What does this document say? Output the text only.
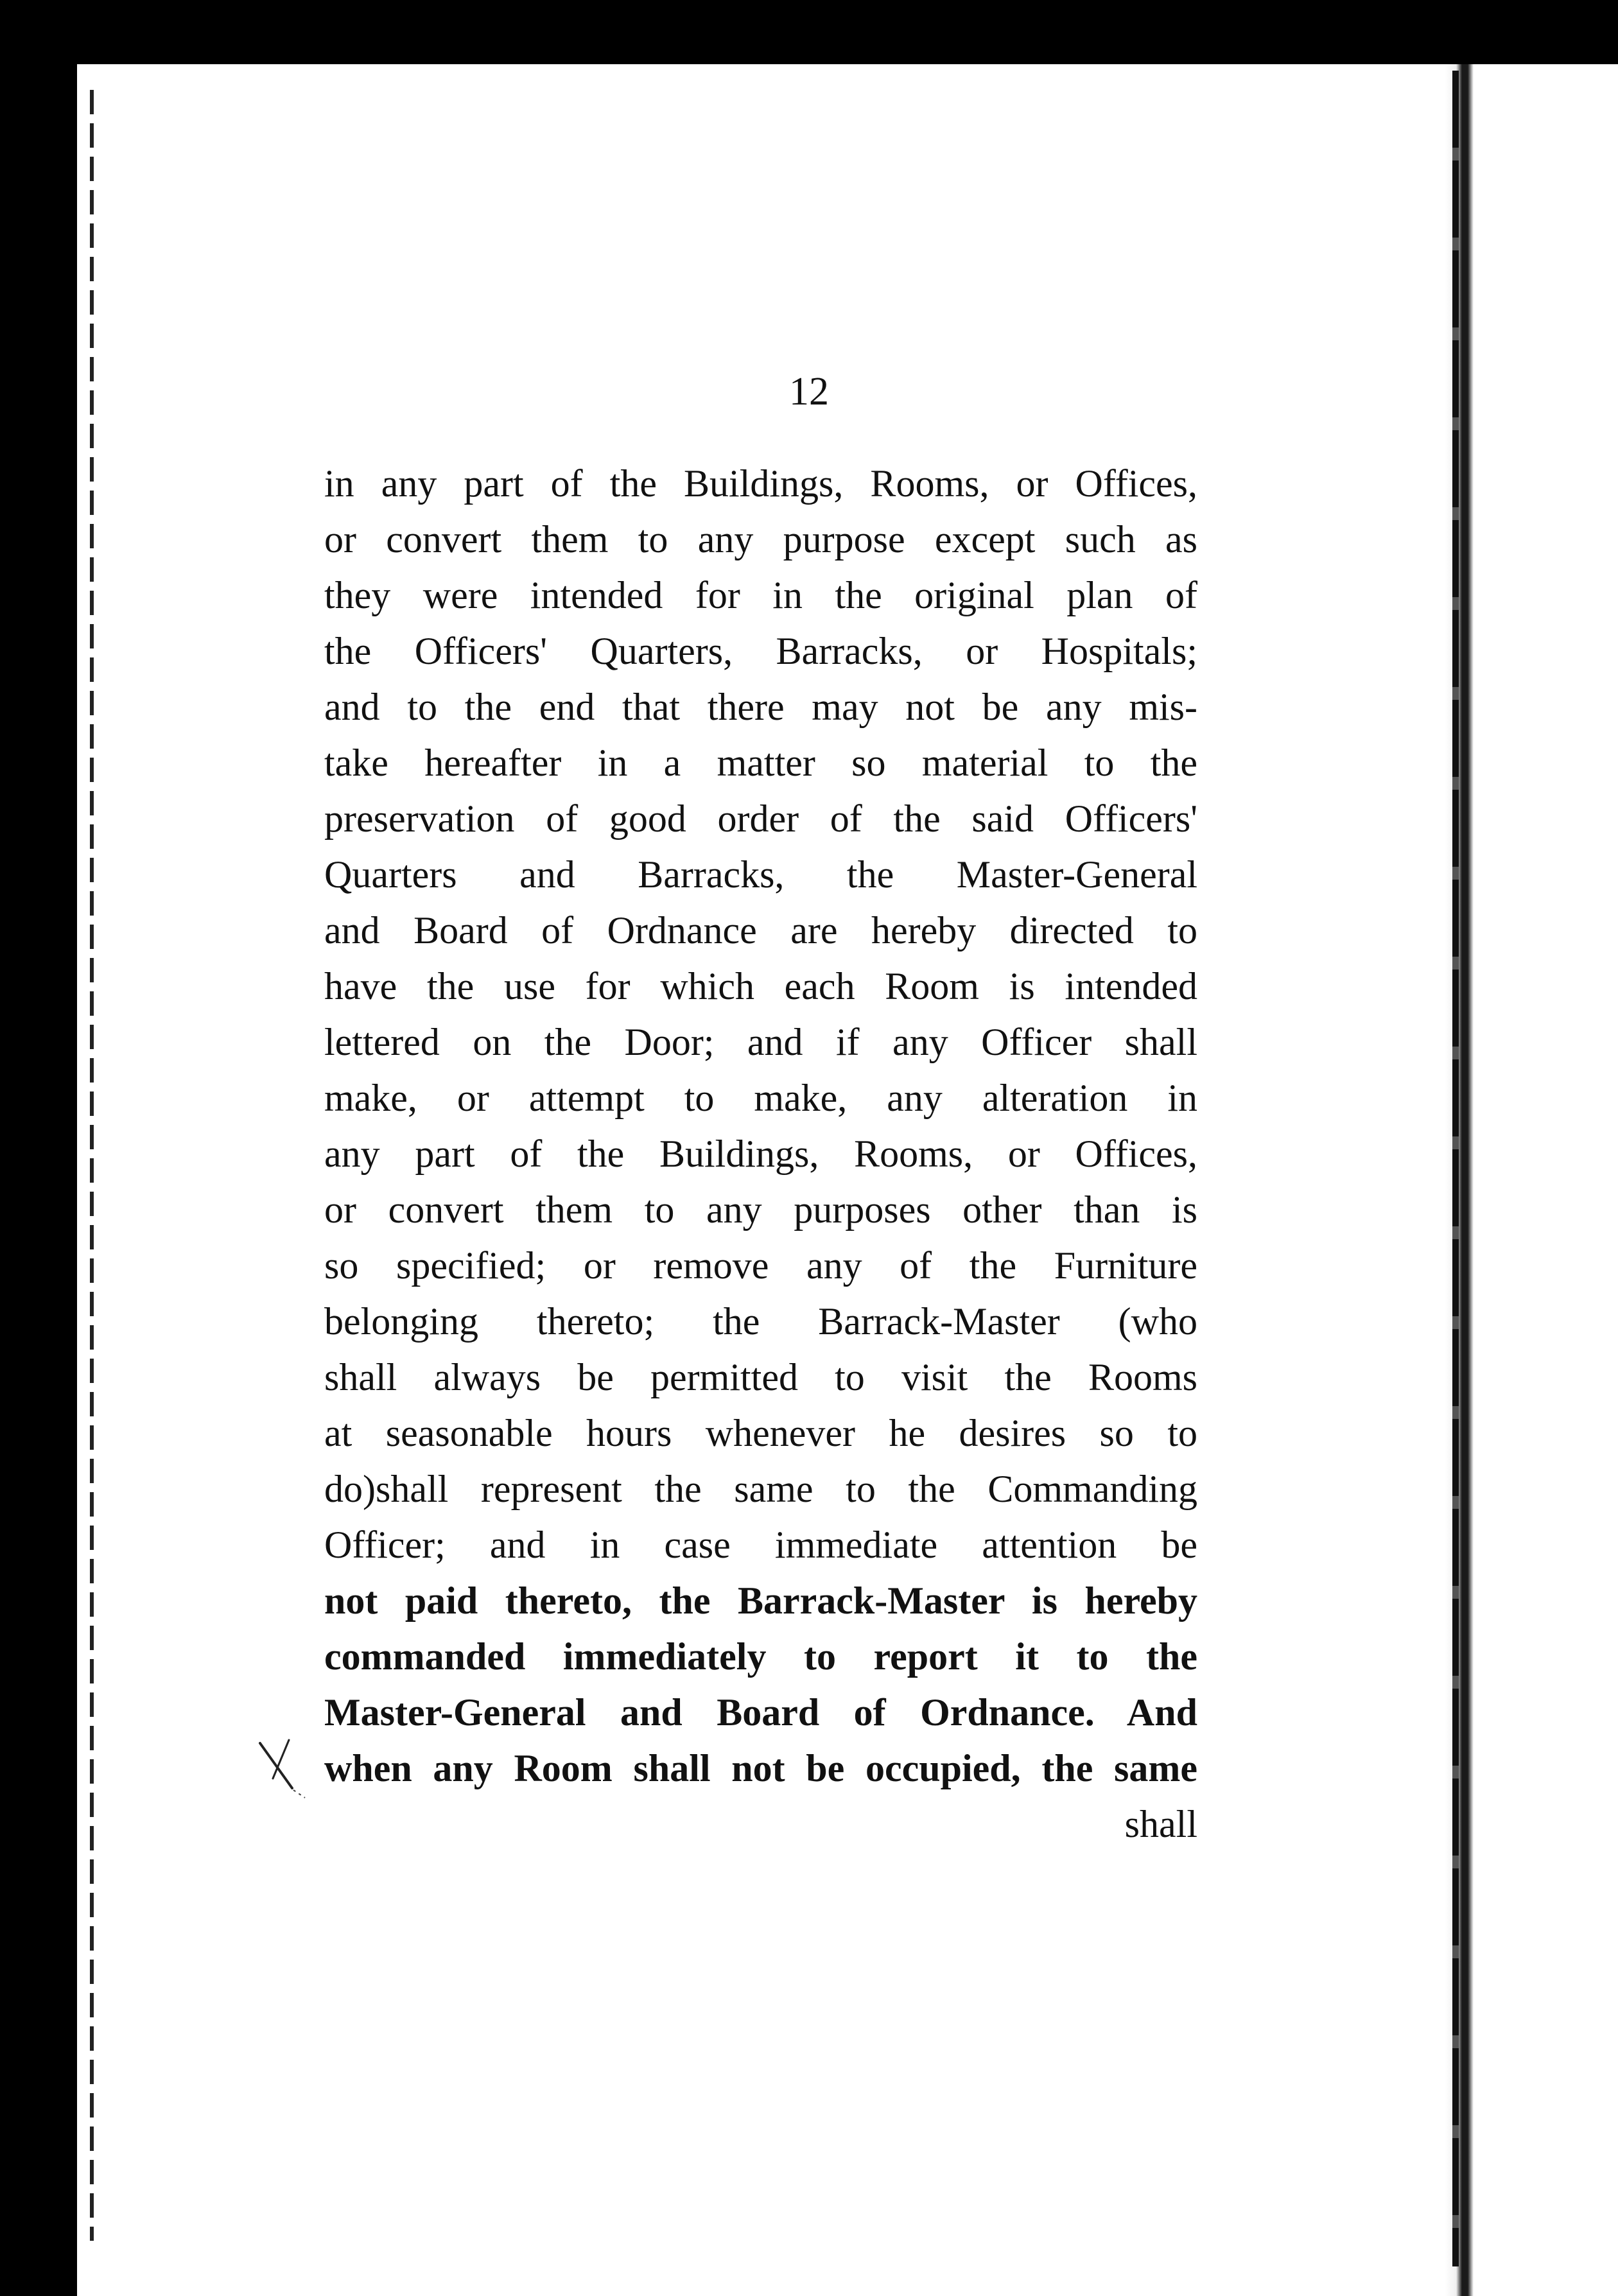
12
in any part of the Buildings, Rooms, or Offices,
or convert them to any purpose except such as
they were intended for in the original plan of
the Officers' Quarters, Barracks, or Hospitals;
and to the end that there may not be any mis-
take hereafter in a matter so material to the
preservation of good order of the said Officers'
Quarters and Barracks, the Master-General
and Board of Ordnance are hereby directed to
have the use for which each Room is intended
lettered on the Door; and if any Officer shall
make, or attempt to make, any alteration in
any part of the Buildings, Rooms, or Offices,
or convert them to any purposes other than is
so specified; or remove any of the Furniture
belonging thereto; the Barrack-Master (who
shall always be permitted to visit the Rooms
at seasonable hours whenever he desires so to
do)shall represent the same to the Commanding
Officer; and in case immediate attention be
not paid thereto, the Barrack-Master is hereby
commanded immediately to report it to the
Master-General and Board of Ordnance. And
when any Room shall not be occupied, the same
shall
